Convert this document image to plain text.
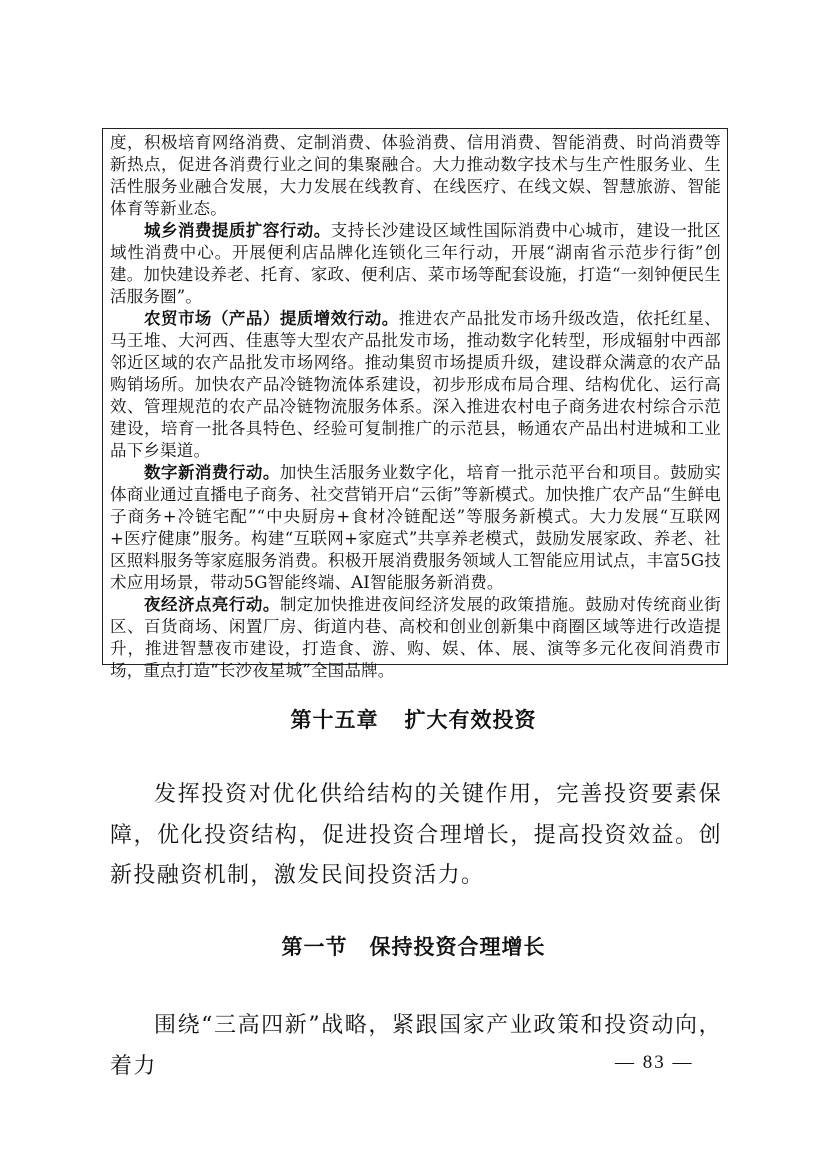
度，积极培育网络消费、定制消费、体验消费、信用消费、智能消费、时尚消费等新热点，促进各消费行业之间的集聚融合。大力推动数字技术与生产性服务业、生活性服务业融合发展，大力发展在线教育、在线医疗、在线文娱、智慧旅游、智能体育等新业态。

城乡消费提质扩容行动。支持长沙建设区域性国际消费中心城市，建设一批区域性消费中心。开展便利店品牌化连锁化三年行动，开展“湖南省示范步行街”创建。加快建设养老、托育、家政、便利店、菜市场等配套设施，打造“一刻钟便民生活服务圈”。

农贸市场（产品）提质增效行动。推进农产品批发市场升级改造，依托红星、马王堆、大河西、佳惠等大型农产品批发市场，推动数字化转型，形成辐射中西部邻近区域的农产品批发市场网络。推动集贸市场提质升级，建设群众满意的农产品购销场所。加快农产品冷链物流体系建设，初步形成布局合理、结构优化、运行高效、管理规范的农产品冷链物流服务体系。深入推进农村电子商务进农村综合示范建设，培育一批各具特色、经验可复制推广的示范县，畅通农产品出村进城和工业品下乡渠道。

数字新消费行动。加快生活服务业数字化，培育一批示范平台和项目。鼓励实体商业通过直播电子商务、社交营销开启“云街”等新模式。加快推广农产品“生鲜电子商务+冷链宅配”“中央厨房+食材冷链配送”等服务新模式。大力发展“互联网+医疗健康”服务。构建“互联网+家庭式”共享养老模式，鼓励发展家政、养老、社区照料服务等家庭服务消费。积极开展消费服务领域人工智能应用试点，丰富5G技术应用场景，带动5G智能终端、AI智能服务新消费。

夜经济点亮行动。制定加快推进夜间经济发展的政策措施。鼓励对传统商业街区、百货商场、闲置厂房、街道内巷、高校和创业创新集中商圈区域等进行改造提升，推进智慧夜市建设，打造食、游、购、娱、体、展、演等多元化夜间消费市场，重点打造“长沙夜星城”全国品牌。

第十五章 扩大有效投资

发挥投资对优化供给结构的关键作用，完善投资要素保障，优化投资结构，促进投资合理增长，提高投资效益。创新投融资机制，激发民间投资活力。

第一节 保持投资合理增长

围绕“三高四新”战略，紧跟国家产业政策和投资动向，着力	— 83 —
